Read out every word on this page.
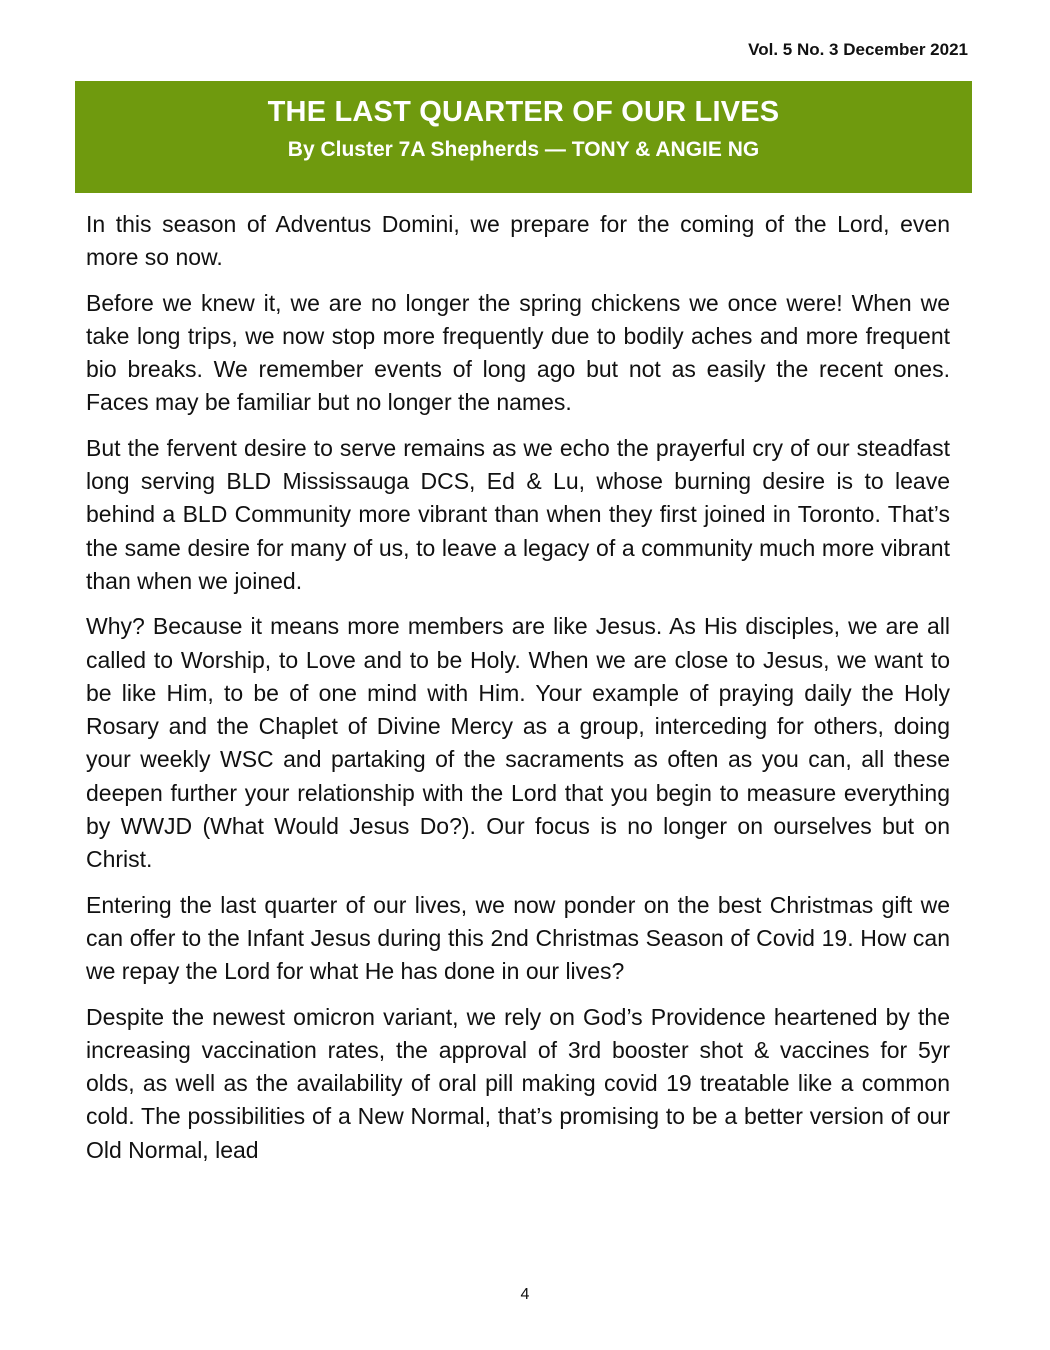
Vol. 5 No. 3 December 2021
THE LAST QUARTER OF OUR LIVES
By Cluster 7A Shepherds — TONY & ANGIE NG

In this season of Adventus Domini, we prepare for the coming of the Lord, even more so now.

Before we knew it, we are no longer the spring chickens we once were! When we take long trips, we now stop more frequently due to bodily aches and more frequent bio breaks. We remember events of long ago but not as easily the recent ones. Faces may be familiar but no longer the names.

But the fervent desire to serve remains as we echo the prayerful cry of our steadfast long serving BLD Mississauga DCS, Ed & Lu, whose burning desire is to leave behind a BLD Community more vibrant than when they first joined in Toronto. That’s the same desire for many of us, to leave a legacy of a community much more vibrant than when we joined.

Why? Because it means more members are like Jesus. As His disciples, we are all called to Worship, to Love and to be Holy. When we are close to Jesus, we want to be like Him, to be of one mind with Him. Your example of praying daily the Holy Rosary and the Chaplet of Divine Mercy as a group, interceding for others, doing your weekly WSC and partaking of the sacraments as often as you can, all these deepen further your relationship with the Lord that you begin to measure everything by WWJD (What Would Jesus Do?). Our focus is no longer on ourselves but on Christ.

Entering the last quarter of our lives, we now ponder on the best Christmas gift we can offer to the Infant Jesus during this 2nd Christmas Season of Covid 19. How can we repay the Lord for what He has done in our lives?

Despite the newest omicron variant, we rely on God’s Providence heartened by the increasing vaccination rates, the approval of 3rd booster shot & vaccines for 5yr olds, as well as the availability of oral pill making covid 19 treatable like a common cold. The possibilities of a New Normal, that’s promising to be a better version of our Old Normal, lead

4
